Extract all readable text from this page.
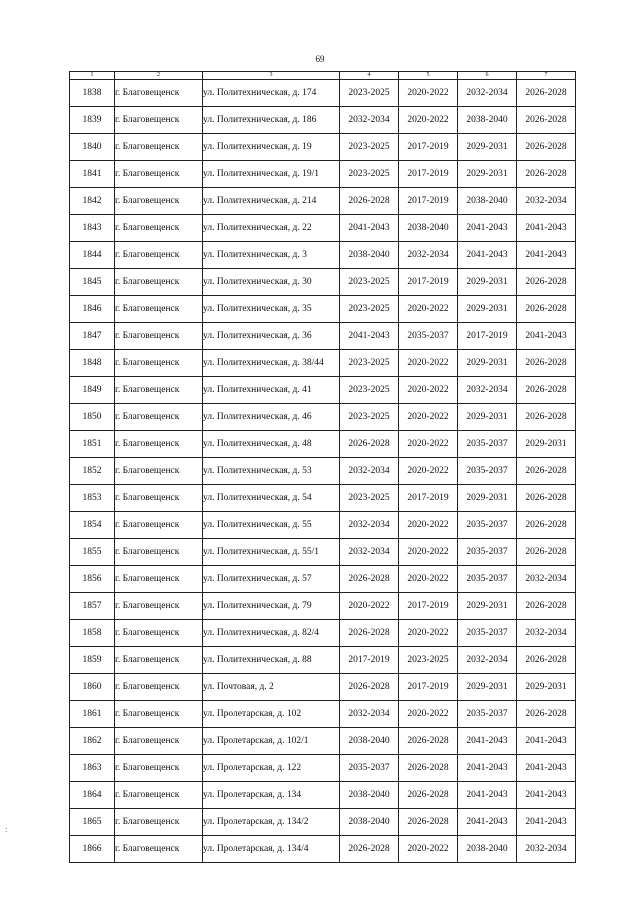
69
1	2	3	4	5	6	7
1838	г. Благовещенск	ул. Политехническая, д. 174	2023-2025	2020-2022	2032-2034	2026-2028
1839	г. Благовещенск	ул. Политехническая, д. 186	2032-2034	2020-2022	2038-2040	2026-2028
1840	г. Благовещенск	ул. Политехническая, д. 19	2023-2025	2017-2019	2029-2031	2026-2028
1841	г. Благовещенск	ул. Политехническая, д. 19/1	2023-2025	2017-2019	2029-2031	2026-2028
1842	г. Благовещенск	ул. Политехническая, д. 214	2026-2028	2017-2019	2038-2040	2032-2034
1843	г. Благовещенск	ул. Политехническая, д. 22	2041-2043	2038-2040	2041-2043	2041-2043
1844	г. Благовещенск	ул. Политехническая, д. 3	2038-2040	2032-2034	2041-2043	2041-2043
1845	г. Благовещенск	ул. Политехническая, д. 30	2023-2025	2017-2019	2029-2031	2026-2028
1846	г. Благовещенск	ул. Политехническая, д. 35	2023-2025	2020-2022	2029-2031	2026-2028
1847	г. Благовещенск	ул. Политехническая, д. 36	2041-2043	2035-2037	2017-2019	2041-2043
1848	г. Благовещенск	ул. Политехническая, д. 38/44	2023-2025	2020-2022	2029-2031	2026-2028
1849	г. Благовещенск	ул. Политехническая, д. 41	2023-2025	2020-2022	2032-2034	2026-2028
1850	г. Благовещенск	ул. Политехническая, д. 46	2023-2025	2020-2022	2029-2031	2026-2028
1851	г. Благовещенск	ул. Политехническая, д. 48	2026-2028	2020-2022	2035-2037	2029-2031
1852	г. Благовещенск	ул. Политехническая, д. 53	2032-2034	2020-2022	2035-2037	2026-2028
1853	г. Благовещенск	ул. Политехническая, д. 54	2023-2025	2017-2019	2029-2031	2026-2028
1854	г. Благовещенск	ул. Политехническая, д. 55	2032-2034	2020-2022	2035-2037	2026-2028
1855	г. Благовещенск	ул. Политехническая, д. 55/1	2032-2034	2020-2022	2035-2037	2026-2028
1856	г. Благовещенск	ул. Политехническая, д. 57	2026-2028	2020-2022	2035-2037	2032-2034
1857	г. Благовещенск	ул. Политехническая, д. 79	2020-2022	2017-2019	2029-2031	2026-2028
1858	г. Благовещенск	ул. Политехническая, д. 82/4	2026-2028	2020-2022	2035-2037	2032-2034
1859	г. Благовещенск	ул. Политехническая, д. 88	2017-2019	2023-2025	2032-2034	2026-2028
1860	г. Благовещенск	ул. Почтовая, д. 2	2026-2028	2017-2019	2029-2031	2029-2031
1861	г. Благовещенск	ул. Пролетарская, д. 102	2032-2034	2020-2022	2035-2037	2026-2028
1862	г. Благовещенск	ул. Пролетарская, д. 102/1	2038-2040	2026-2028	2041-2043	2041-2043
1863	г. Благовещенск	ул. Пролетарская, д. 122	2035-2037	2026-2028	2041-2043	2041-2043
1864	г. Благовещенск	ул. Пролетарская, д. 134	2038-2040	2026-2028	2041-2043	2041-2043
1865	г. Благовещенск	ул. Пролетарская, д. 134/2	2038-2040	2026-2028	2041-2043	2041-2043
1866	г. Благовещенск	ул. Пролетарская, д. 134/4	2026-2028	2020-2022	2038-2040	2032-2034
:
